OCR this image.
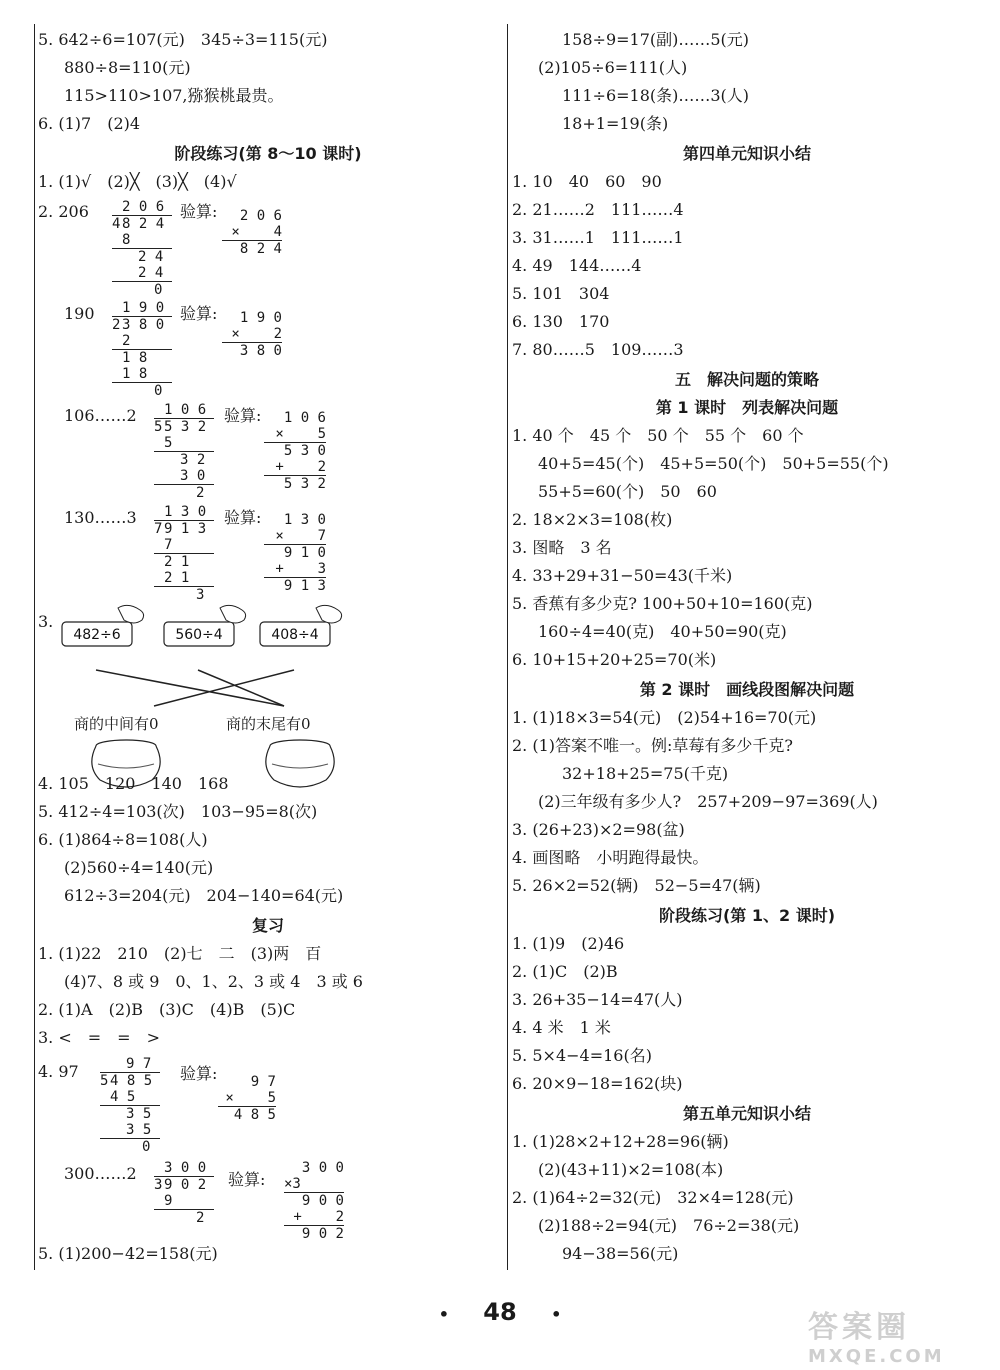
5. 642÷6=107(元)　345÷3=115(元)
880÷8=110(元)
115>110>107,猕猴桃最贵。
6. (1)7　(2)4
阶段练习(第 8～10 课时)
1. (1)√　(2)╳　(3)╳　(4)√
2. 206	2 0 6
4 8 2 4
8
2 4
2 4
0
验算:	2 0 6
×    4
8 2 4
190	1 9 0
2 3 8 0
2
1 8
1 8
0
验算:	1 9 0
×    2
3 8 0
106……2	1 0 6
5 5 3 2
5
3 2
3 0
2
验算:	1 0 6
×    5
5 3 0
+    2
5 3 2
130……3	1 3 0
7 9 1 3
7
2 1
2 1
3
验算:	1 3 0
×    7
9 1 0
+    3
9 1 3
3.
482÷6	560÷4	408÷4
商的中间有0	商的末尾有0
4. 105　120　140　168
5. 412÷4=103(次)　103−95=8(次)
6. (1)864÷8=108(人)
(2)560÷4=140(元)
612÷3=204(元)　204−140=64(元)
复习
1. (1)22　210　(2)七　二　(3)两　百
(4)7、8 或 9　0、1、2、3 或 4　3 或 6
2. (1)A　(2)B　(3)C　(4)B　(5)C
3. <　=　=　>
4. 97	9 7
5 4 8 5
4 5
3 5
3 5
0
验算:	9 7
×    5
4 8 5
300……2	3 0 0
3 9 0 2
9
2
验算:
3 0 0
×3
9 0 0
+    2
9 0 2
5. (1)200−42=158(元)
158÷9=17(副)……5(元)
(2)105÷6=111(人)
111÷6=18(条)……3(人)
18+1=19(条)
第四单元知识小结
1. 10　40　60　90
2. 21……2　111……4
3. 31……1　111……1
4. 49　144……4
5. 101　304
6. 130　170
7. 80……5　109……3
五　解决问题的策略
第 1 课时　列表解决问题
1. 40 个　45 个　50 个　55 个　60 个
40+5=45(个)　45+5=50(个)　50+5=55(个)
55+5=60(个)　50　60
2. 18×2×3=108(枚)
3. 图略　3 名
4. 33+29+31−50=43(千米)
5. 香蕉有多少克? 100+50+10=160(克)
160÷4=40(克)　40+50=90(克)
6. 10+15+20+25=70(米)
第 2 课时　画线段图解决问题
1. (1)18×3=54(元)　(2)54+16=70(元)
2. (1)答案不唯一。例:草莓有多少千克?
32+18+25=75(千克)
(2)三年级有多少人?　257+209−97=369(人)
3. (26+23)×2=98(盆)
4. 画图略　小明跑得最快。
5. 26×2=52(辆)　52−5=47(辆)
阶段练习(第 1、2 课时)
1. (1)9　(2)46
2. (1)C　(2)B
3. 26+35−14=47(人)
4. 4 米　1 米
5. 5×4−4=16(名)
6. 20×9−18=162(块)
第五单元知识小结
1. (1)28×2+12+28=96(辆)
(2)(43+11)×2=108(本)
2. (1)64÷2=32(元)　32×4=128(元)
(2)188÷2=94(元)　76÷2=38(元)
94−38=56(元)
• 48 •	答案圈
MXQE.COM
